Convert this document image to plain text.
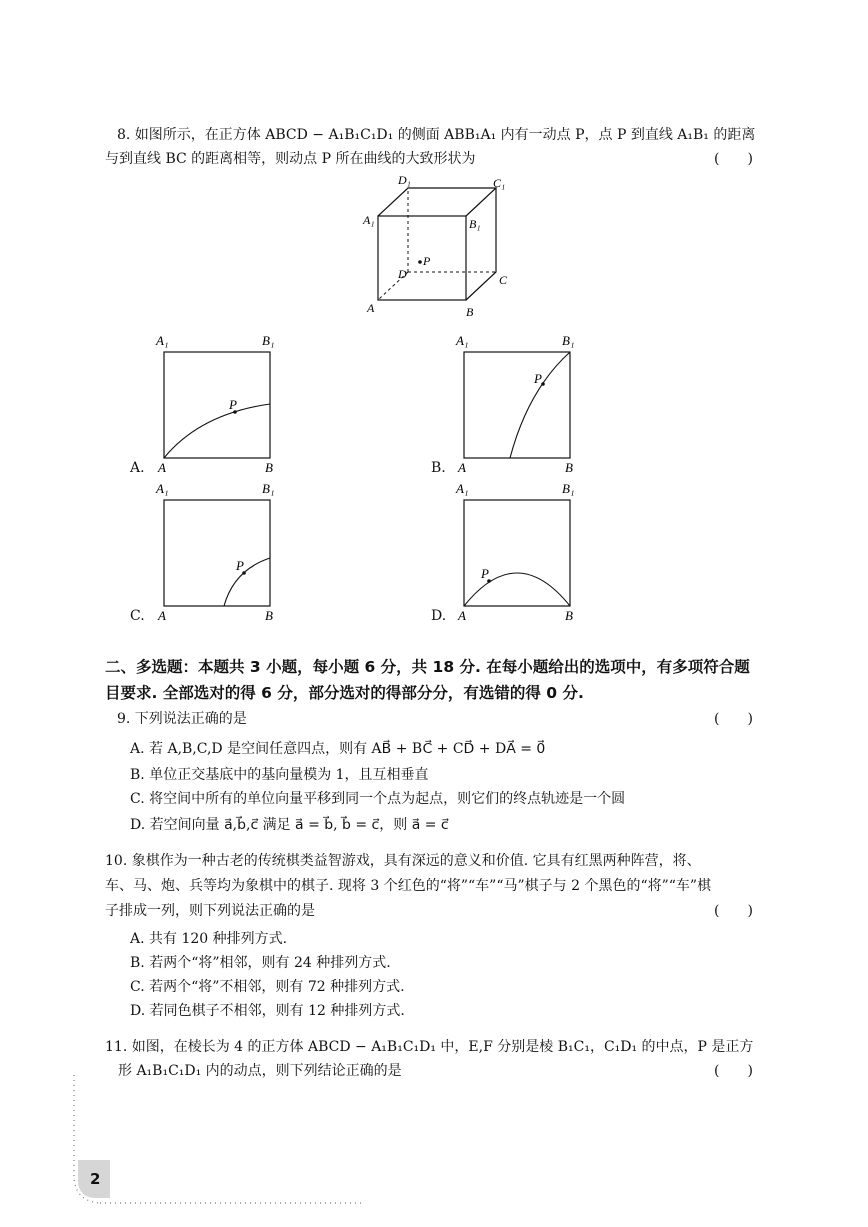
8. 如图所示，在正方体 ABCD − A₁B₁C₁D₁ 的侧面 ABB₁A₁ 内有一动点 P，点 P 到直线 A₁B₁ 的距离
与到直线 BC 的距离相等，则动点 P 所在曲线的大致形状为	(　　)
D₁	C₁
A₁	B₁
P
D	C
A	B
A.
A₁	B₁
A	B
P
B.
A₁	B₁
A	B
P
C.
A₁	B₁
A	B
P
D.
A₁	B₁
A	B
P
二、多选题：本题共 3 小题，每小题 6 分，共 18 分. 在每小题给出的选项中，有多项符合题
目要求. 全部选对的得 6 分，部分选对的得部分分，有选错的得 0 分.
9. 下列说法正确的是	(　　)
A. 若 A,B,C,D 是空间任意四点，则有 AB⃗ + BC⃗ + CD⃗ + DA⃗ = 0⃗
B. 单位正交基底中的基向量模为 1，且互相垂直
C. 将空间中所有的单位向量平移到同一个点为起点，则它们的终点轨迹是一个圆
D. 若空间向量 a⃗,b⃗,c⃗ 满足 a⃗ = b⃗, b⃗ = c⃗，则 a⃗ = c⃗
10. 象棋作为一种古老的传统棋类益智游戏，具有深远的意义和价值. 它具有红黑两种阵营，将、
车、马、炮、兵等均为象棋中的棋子. 现将 3 个红色的“将”“车”“马”棋子与 2 个黑色的“将”“车”棋
子排成一列，则下列说法正确的是	(　　)
A. 共有 120 种排列方式.
B. 若两个“将”相邻，则有 24 种排列方式.
C. 若两个“将”不相邻，则有 72 种排列方式.
D. 若同色棋子不相邻，则有 12 种排列方式.
11. 如图，在棱长为 4 的正方体 ABCD − A₁B₁C₁D₁ 中，E,F 分别是棱 B₁C₁，C₁D₁ 的中点，P 是正方
形 A₁B₁C₁D₁ 内的动点，则下列结论正确的是	(　　)
2
